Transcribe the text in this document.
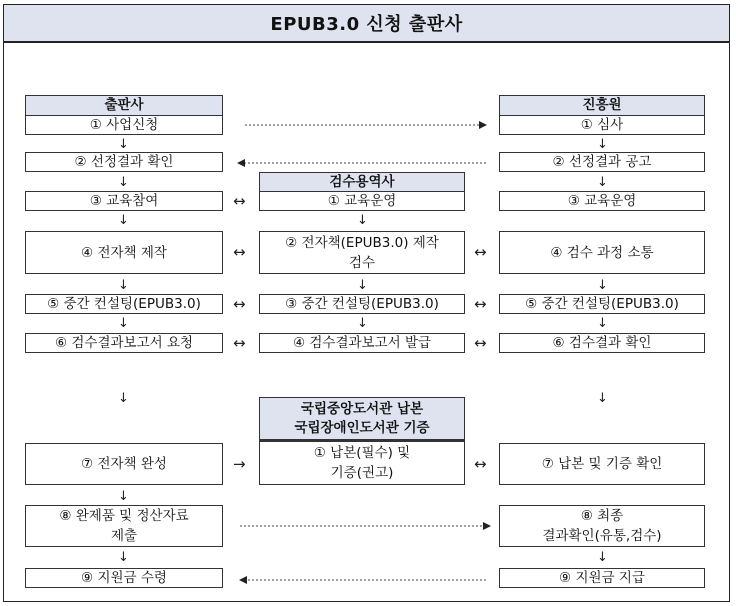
EPUB3.0 신청 출판사
출판사
① 사업신청
↓
② 선정결과 확인
↓
③ 교육참여
↓
④ 전자책 제작
↓
⑤ 중간 컨설팅(EPUB3.0)
↓
⑥ 검수결과보고서 요청
↓
⑦ 전자책 완성
↓
⑧ 완제품 및 정산자료
제출
↓
⑨ 지원금 수령
검수용역사
① 교육운영
↓
② 전자책(EPUB3.0) 제작
검수
↓
③ 중간 컨설팅(EPUB3.0)
↓
④ 검수결과보고서 발급
국립중앙도서관 납본
국립장애인도서관 기증
① 납본(필수) 및
기증(권고)
진흥원
① 심사
↓
② 선정결과 공고
↓
③ 교육운영
④ 검수 과정 소통
↓
⑤ 중간 컨설팅(EPUB3.0)
↓
⑥ 검수결과 확인
↓
⑦ 납본 및 기증 확인
⑧ 최종
결과확인(유통,검수)
↓
⑨ 지원금 지급
↔
↔
↔
↔
→
↔
↔
↔
↔
